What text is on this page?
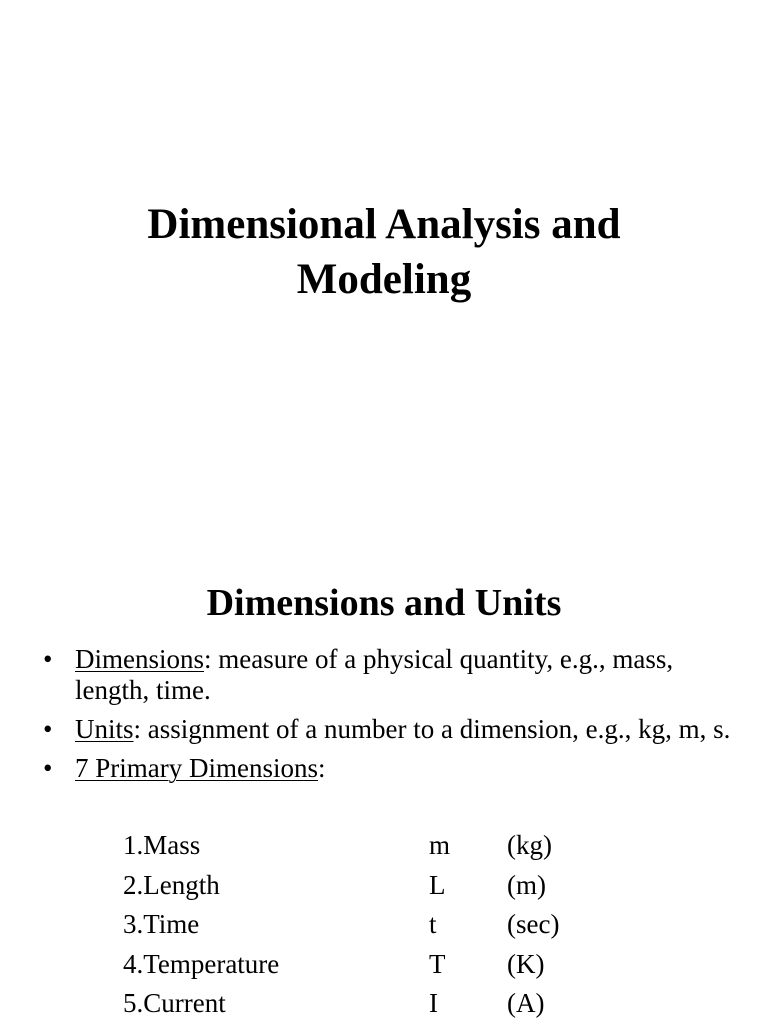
Dimensional Analysis and
Modeling
Dimensions and Units
• Dimensions: measure of a physical quantity, e.g., mass, length, time.
• Units: assignment of a number to a dimension, e.g., kg, m, s.
• 7 Primary Dimensions:
1.Mass	m	(kg)
2.Length	L	(m)
3.Time	t	(sec)
4.Temperature	T	(K)
5.Current	I	(A)
